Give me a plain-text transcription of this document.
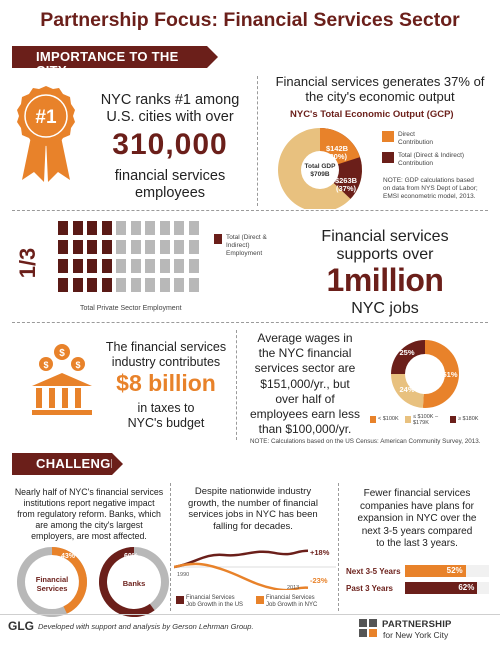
Partnership Focus: Financial Services Sector
IMPORTANCE TO THE CITY
#1
NYC ranks #1 among
U.S. cities with over
310,000
financial services
employees
Financial services generates 37% of
the city's economic output
NYC's Total Economic Output (GCP)
Total GDP
$709B
$142B
(20%)
$263B
(37%)
Direct
Contribution
Total (Direct & Indirect)
Contribution
NOTE: GDP calculations based
on data from NYS Dept of Labor;
EMSI econometric model, 2013.
1/3
Total (Direct &
Indirect)
Employment
Total Private Sector Employment
Financial services
supports over
1million
NYC jobs
$
$	$
The financial services
industry contributes
$8 billion
in taxes to
NYC's budget
Average wages in
the NYC financial
services sector are
$151,000/yr., but
over half of
employees earn less
than $100,000/yr.
51%
24%
25%
< $100K	≤ $100K –
$179K
≥ $180K
NOTE: Calculations based on the US Census: American Community Survey, 2013.
CHALLENGES
Nearly half of NYC's financial services
institutions report negative impact
from regulatory reform. Banks, which
are among the city's largest
employers, are most affected.
43%	60%
Financial
Services
Banks
Despite nationwide industry
growth, the number of financial
services jobs in NYC has been
falling for decades.
1990
2013
+18%
-23%
Financial Services
Job Growth in the US
Financial Services
Job Growth in NYC
Fewer financial services
companies have plans for
expansion in NYC over the
next 3-5 years compared
to the last 3 years.
Next 3-5 Years	52%
Past 3 Years	62%
GLG Developed with support and analysis by Gerson Lehrman Group.	PARTNERSHIP
for New York City
